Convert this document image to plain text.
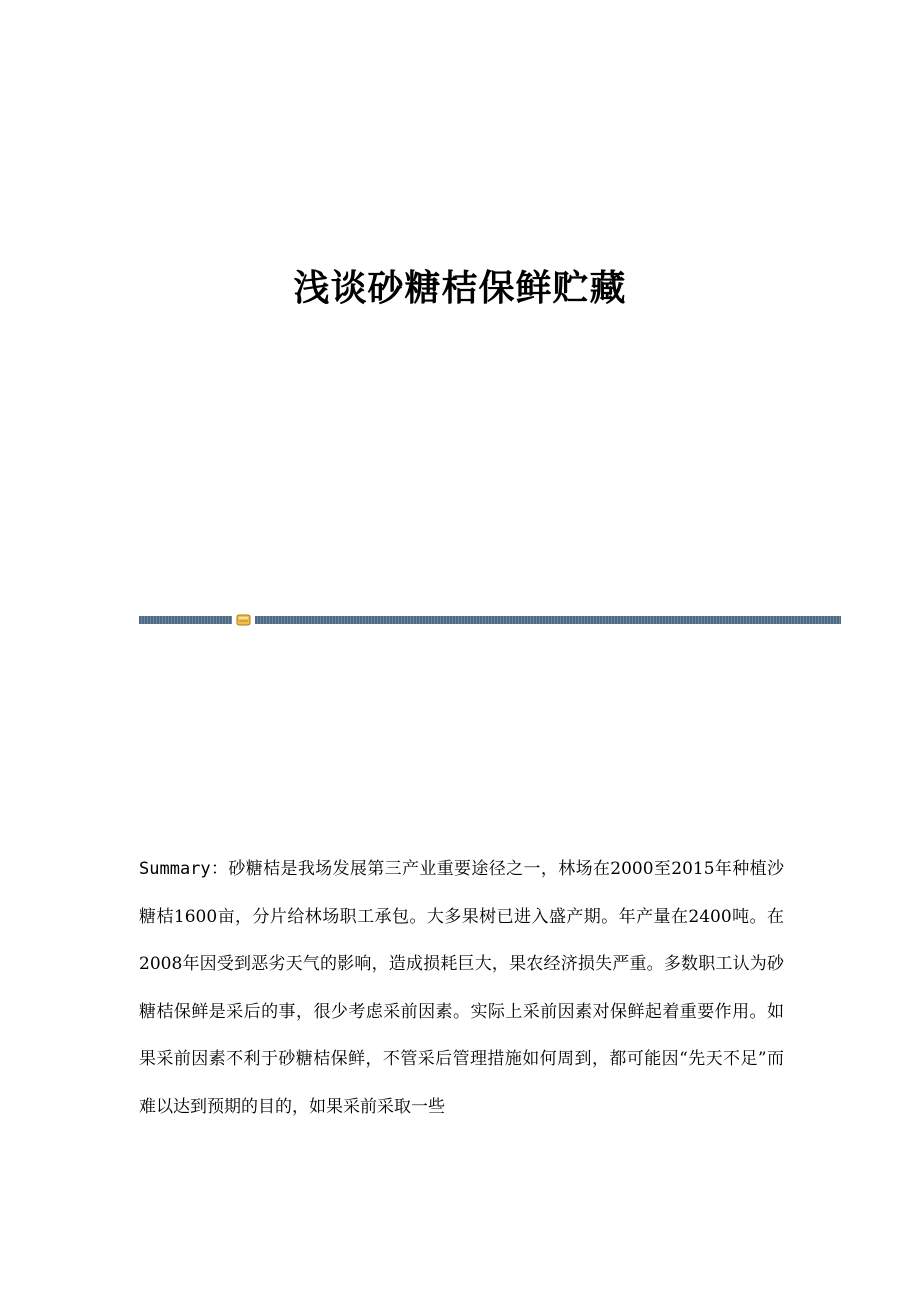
浅谈砂糖桔保鲜贮藏

Summary：砂糖桔是我场发展第三产业重要途径之一，林场在2000至2015年种植沙糖桔1600亩，分片给林场职工承包。大多果树已进入盛产期。年产量在2400吨。在2008年因受到恶劣天气的影响，造成损耗巨大，果农经济损失严重。多数职工认为砂糖桔保鲜是采后的事，很少考虑采前因素。实际上采前因素对保鲜起着重要作用。如果采前因素不利于砂糖桔保鲜，不管采后管理措施如何周到，都可能因“先天不足”而难以达到预期的目的，如果采前采取一些
